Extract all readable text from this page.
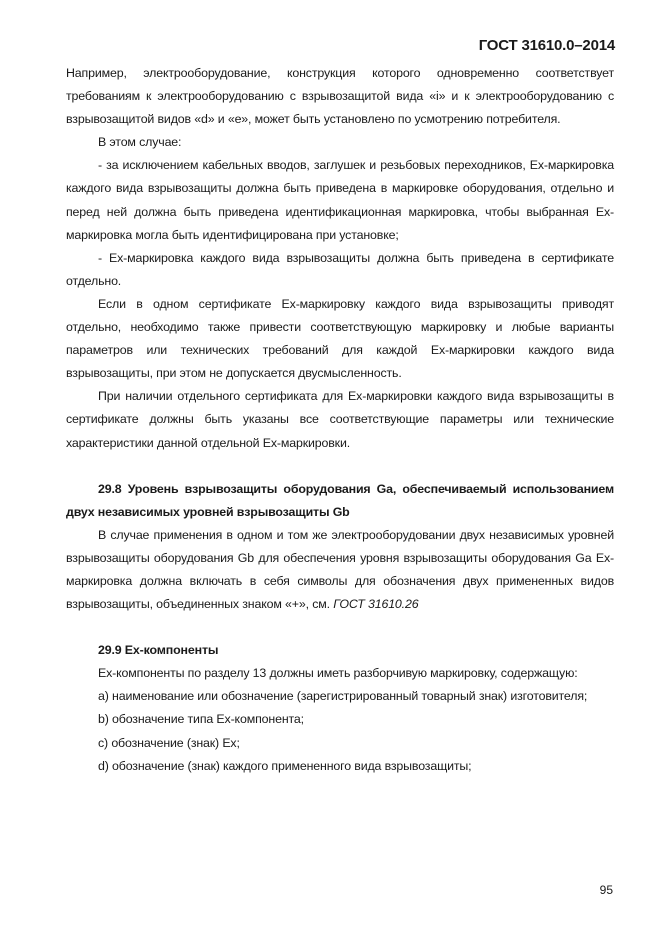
ГОСТ 31610.0–2014

Например, электрооборудование, конструкция которого одновременно соответствует требованиям к электрооборудованию с взрывозащитой вида «i» и к электрооборудованию с взрывозащитой видов «d» и «e», может быть установлено по усмотрению потребителя.

В этом случае:

- за исключением кабельных вводов, заглушек и резьбовых переходников, Ex-маркировка каждого вида взрывозащиты должна быть приведена в маркировке оборудования, отдельно и перед ней должна быть приведена идентификационная маркировка, чтобы выбранная Ex-маркировка могла быть идентифицирована при установке;

- Ex-маркировка каждого вида взрывозащиты должна быть приведена в сертификате отдельно.

Если в одном сертификате Ex-маркировку каждого вида взрывозащиты приводят отдельно, необходимо также привести соответствующую маркировку и любые варианты параметров или технических требований для каждой Ex-маркировки каждого вида взрывозащиты, при этом не допускается двусмысленность.

При наличии отдельного сертификата для Ex-маркировки каждого вида взрывозащиты в сертификате должны быть указаны все соответствующие параметры или технические характеристики данной отдельной Ex-маркировки.

29.8 Уровень взрывозащиты оборудования Ga, обеспечиваемый использованием двух независимых уровней взрывозащиты Gb

В случае применения в одном и том же электрооборудовании двух независимых уровней взрывозащиты оборудования Gb для обеспечения уровня взрывозащиты оборудования Ga Ex-маркировка должна включать в себя символы для обозначения двух примененных видов взрывозащиты, объединенных знаком «+», см. ГОСТ 31610.26

29.9 Ex-компоненты

Ex-компоненты по разделу 13 должны иметь разборчивую маркировку, содержащую:

a) наименование или обозначение (зарегистрированный товарный знак) изготовителя;

b) обозначение типа Ex-компонента;

c) обозначение (знак) Ex;

d) обозначение (знак) каждого примененного вида взрывозащиты;

95
